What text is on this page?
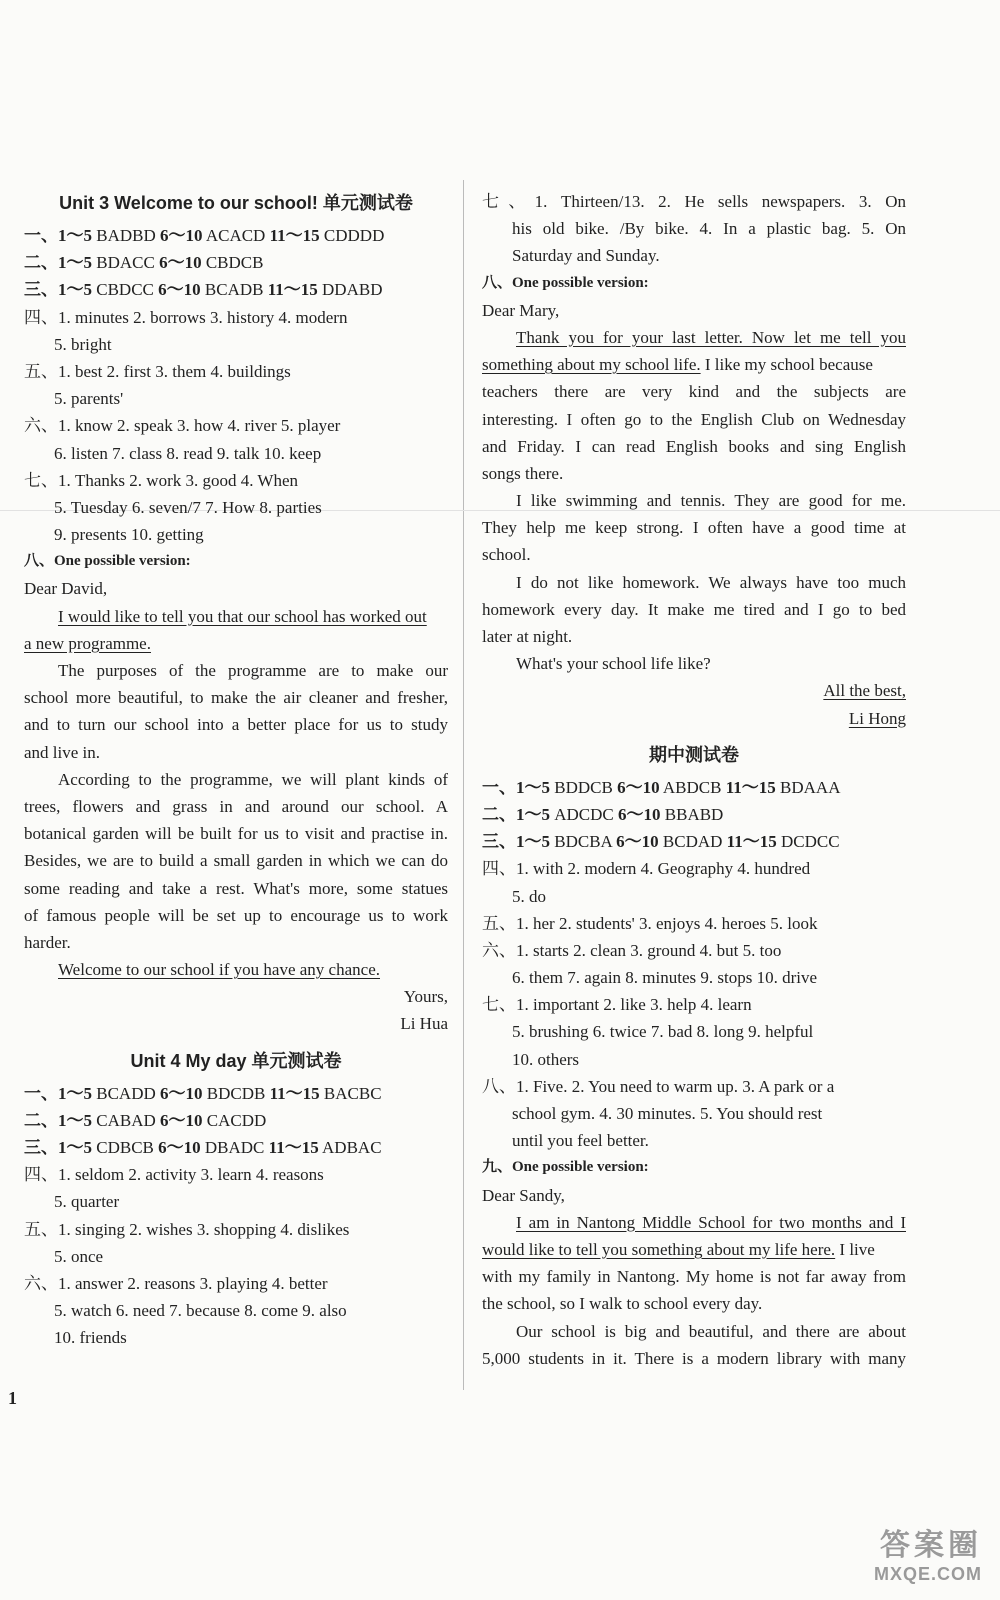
Unit 3 Welcome to our school! 单元测试卷
一、1～5 BADBD 6～10 ACACD 11～15 CDDDD
二、1～5 BDACC 6～10 CBDCB
三、1～5 CBDCC 6～10 BCADB 11～15 DDABD
四、1. minutes 2. borrows 3. history 4. modern
5. bright
五、1. best 2. first 3. them 4. buildings
5. parents'
六、1. know 2. speak 3. how 4. river 5. player
6. listen 7. class 8. read 9. talk 10. keep
七、1. Thanks 2. work 3. good 4. When
5. Tuesday 6. seven/7 7. How 8. parties
9. presents 10. getting
八、One possible version:
Dear David,
I would like to tell you that our school has worked out
a new programme.
The purposes of the programme are to make our
school more beautiful, to make the air cleaner and fresher,
and to turn our school into a better place for us to study
and live in.
According to the programme, we will plant kinds of
trees, flowers and grass in and around our school. A
botanical garden will be built for us to visit and practise in.
Besides, we are to build a small garden in which we can do
some reading and take a rest. What's more, some statues
of famous people will be set up to encourage us to work
harder.
Welcome to our school if you have any chance.
Yours,
Li Hua
Unit 4 My day 单元测试卷
一、1～5 BCADD 6～10 BDCDB 11～15 BACBC
二、1～5 CABAD 6～10 CACDD
三、1～5 CDBCB 6～10 DBADC 11～15 ADBAC
四、1. seldom 2. activity 3. learn 4. reasons
5. quarter
五、1. singing 2. wishes 3. shopping 4. dislikes
5. once
六、1. answer 2. reasons 3. playing 4. better
5. watch 6. need 7. because 8. come 9. also
10. friends
七、1. Thirteen/13. 2. He sells newspapers. 3. On
his old bike. /By bike. 4. In a plastic bag. 5. On
Saturday and Sunday.
八、One possible version:
Dear Mary,
Thank you for your last letter. Now let me tell you
something about my school life. I like my school because
teachers there are very kind and the subjects are
interesting. I often go to the English Club on Wednesday
and Friday. I can read English books and sing English
songs there.
I like swimming and tennis. They are good for me.
They help me keep strong. I often have a good time at
school.
I do not like homework. We always have too much
homework every day. It make me tired and I go to bed
later at night.
What's your school life like?
All the best,
Li Hong
期中测试卷
一、1～5 BDDCB 6～10 ABDCB 11～15 BDAAA
二、1～5 ADCDC 6～10 BBABD
三、1～5 BDCBA 6～10 BCDAD 11～15 DCDCC
四、1. with 2. modern 4. Geography 4. hundred
5. do
五、1. her 2. students' 3. enjoys 4. heroes 5. look
六、1. starts 2. clean 3. ground 4. but 5. too
6. them 7. again 8. minutes 9. stops 10. drive
七、1. important 2. like 3. help 4. learn
5. brushing 6. twice 7. bad 8. long 9. helpful
10. others
八、1. Five. 2. You need to warm up. 3. A park or a
school gym. 4. 30 minutes. 5. You should rest
until you feel better.
九、One possible version:
Dear Sandy,
I am in Nantong Middle School for two months and I
would like to tell you something about my life here. I live
with my family in Nantong. My home is not far away from
the school, so I walk to school every day.
Our school is big and beautiful, and there are about
5,000 students in it. There is a modern library with many
1
答案圈
MXQE.COM
